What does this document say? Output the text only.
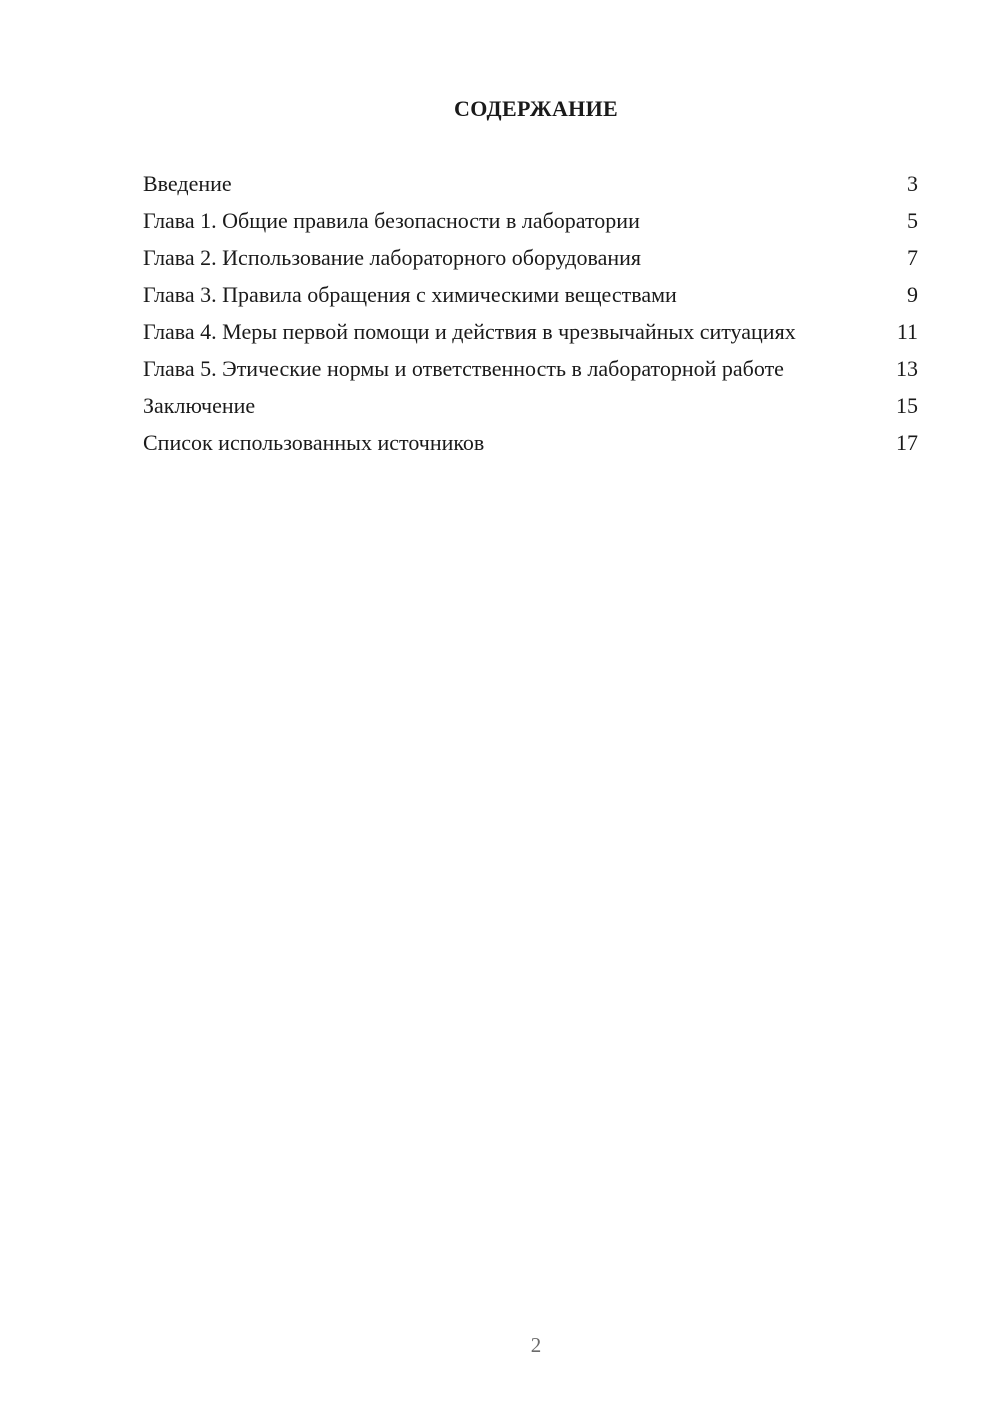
СОДЕРЖАНИЕ
Введение	3
Глава 1. Общие правила безопасности в лаборатории	5
Глава 2. Использование лабораторного оборудования	7
Глава 3. Правила обращения с химическими веществами	9
Глава 4. Меры первой помощи и действия в чрезвычайных ситуациях	11
Глава 5. Этические нормы и ответственность в лабораторной работе	13
Заключение	15
Список использованных источников	17
2
